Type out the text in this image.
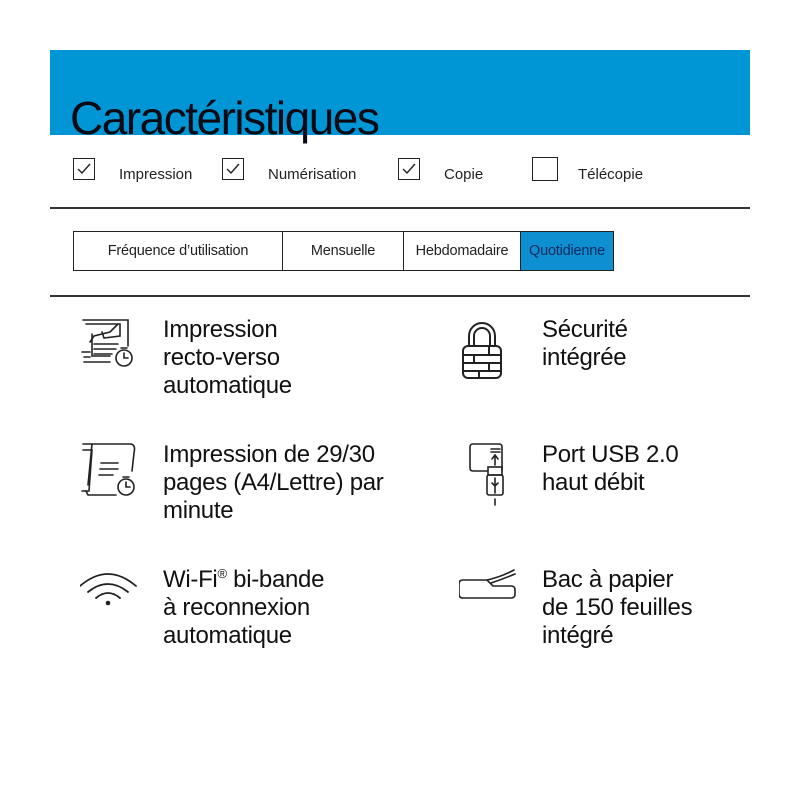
Caractéristiques
Impression	Numérisation	Copie	Télécopie
Fréquence d’utilisation	Mensuelle	Hebdomadaire	Quotidienne
Impression
recto-verso
automatique
Sécurité
intégrée
Impression de 29/30
pages (A4/Lettre) par
minute
Port USB 2.0
haut débit
Wi-Fi® bi-bande
à reconnexion
automatique
Bac à papier
de 150 feuilles
intégré
